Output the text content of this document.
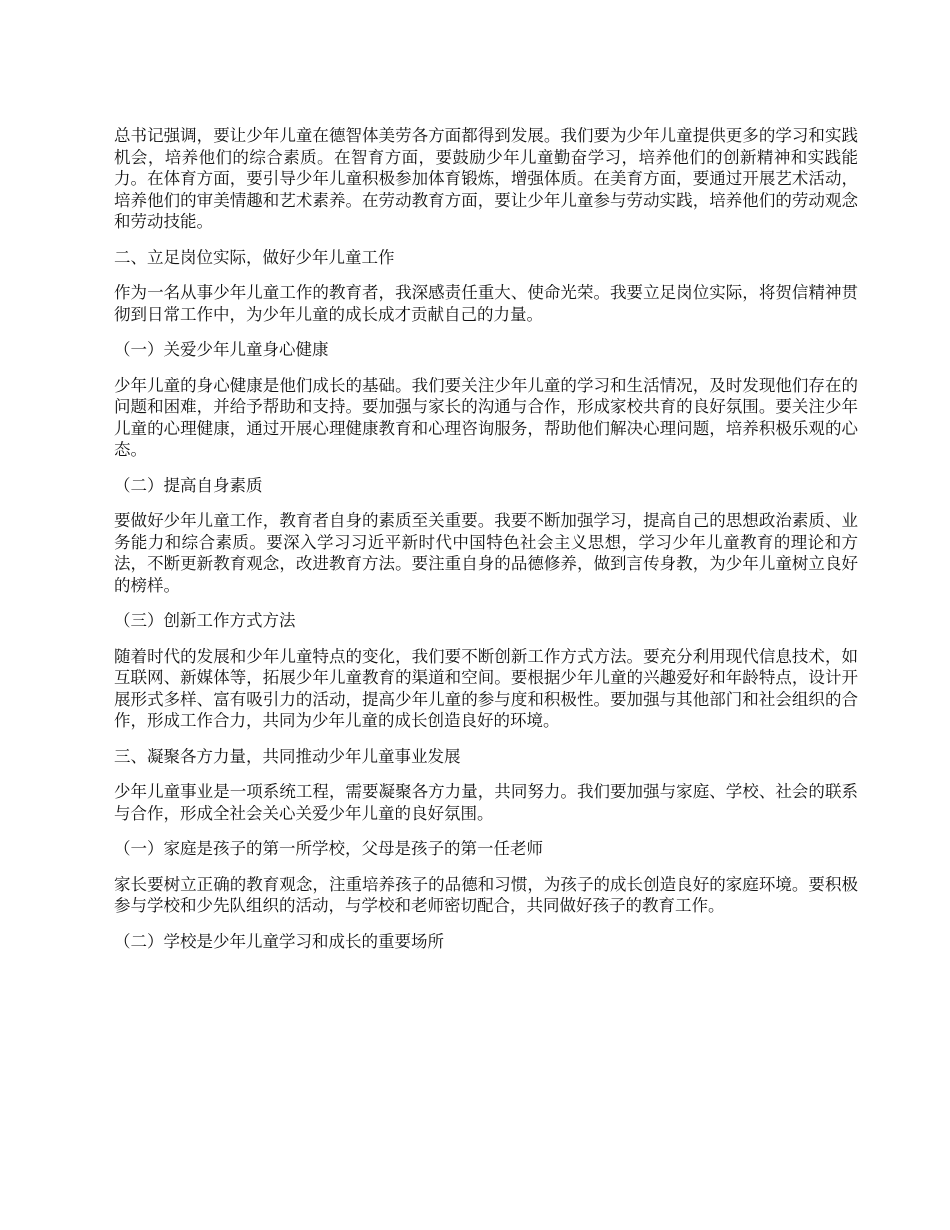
总书记强调，要让少年儿童在德智体美劳各方面都得到发展。我们要为少年儿童提供更多的学习和实践机会，培养他们的综合素质。在智育方面，要鼓励少年儿童勤奋学习，培养他们的创新精神和实践能力。在体育方面，要引导少年儿童积极参加体育锻炼，增强体质。在美育方面，要通过开展艺术活动，培养他们的审美情趣和艺术素养。在劳动教育方面，要让少年儿童参与劳动实践，培养他们的劳动观念和劳动技能。

二、立足岗位实际，做好少年儿童工作

作为一名从事少年儿童工作的教育者，我深感责任重大、使命光荣。我要立足岗位实际，将贺信精神贯彻到日常工作中，为少年儿童的成长成才贡献自己的力量。

（一）关爱少年儿童身心健康

少年儿童的身心健康是他们成长的基础。我们要关注少年儿童的学习和生活情况，及时发现他们存在的问题和困难，并给予帮助和支持。要加强与家长的沟通与合作，形成家校共育的良好氛围。要关注少年儿童的心理健康，通过开展心理健康教育和心理咨询服务，帮助他们解决心理问题，培养积极乐观的心态。

（二）提高自身素质

要做好少年儿童工作，教育者自身的素质至关重要。我要不断加强学习，提高自己的思想政治素质、业务能力和综合素质。要深入学习习近平新时代中国特色社会主义思想，学习少年儿童教育的理论和方法，不断更新教育观念，改进教育方法。要注重自身的品德修养，做到言传身教，为少年儿童树立良好的榜样。

（三）创新工作方式方法

随着时代的发展和少年儿童特点的变化，我们要不断创新工作方式方法。要充分利用现代信息技术，如互联网、新媒体等，拓展少年儿童教育的渠道和空间。要根据少年儿童的兴趣爱好和年龄特点，设计开展形式多样、富有吸引力的活动，提高少年儿童的参与度和积极性。要加强与其他部门和社会组织的合作，形成工作合力，共同为少年儿童的成长创造良好的环境。

三、凝聚各方力量，共同推动少年儿童事业发展

少年儿童事业是一项系统工程，需要凝聚各方力量，共同努力。我们要加强与家庭、学校、社会的联系与合作，形成全社会关心关爱少年儿童的良好氛围。

（一）家庭是孩子的第一所学校，父母是孩子的第一任老师

家长要树立正确的教育观念，注重培养孩子的品德和习惯，为孩子的成长创造良好的家庭环境。要积极参与学校和少先队组织的活动，与学校和老师密切配合，共同做好孩子的教育工作。

（二）学校是少年儿童学习和成长的重要场所
